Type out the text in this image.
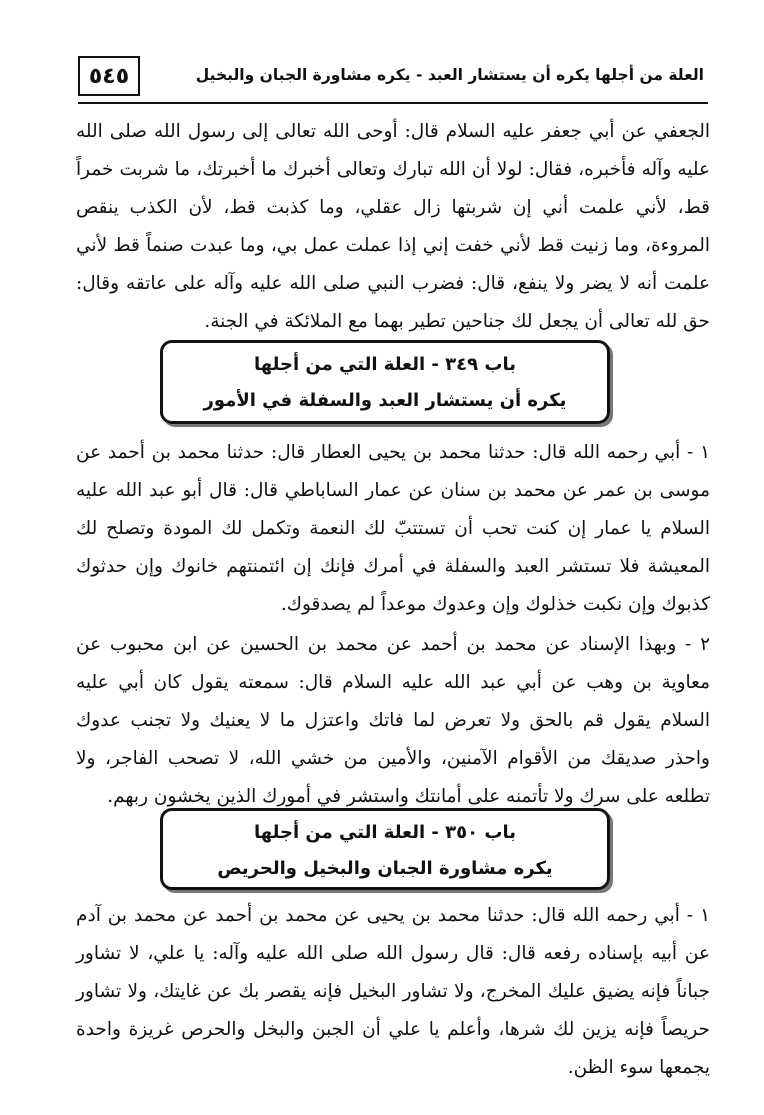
٥٤٥	العلة من أجلها يكره أن يستشار العبد - يكره مشاورة الجبان والبخيل

الجعفي عن أبي جعفر عليه السلام قال: أوحى الله تعالى إلى رسول الله صلى الله عليه وآله فأخبره، فقال: لولا أن الله تبارك وتعالى أخبرك ما أخبرتك، ما شربت خمراً قط، لأني علمت أني إن شربتها زال عقلي، وما كذبت قط، لأن الكذب ينقص المروءة، وما زنيت قط لأني خفت إني إذا عملت عمل بي، وما عبدت صنماً قط لأني علمت أنه لا يضر ولا ينفع، قال: فضرب النبي صلى الله عليه وآله على عاتقه وقال: حق لله تعالى أن يجعل لك جناحين تطير بهما مع الملائكة في الجنة.

باب ٣٤٩ - العلة التي من أجلها
يكره أن يستشار العبد والسفلة في الأمور

١ - أبي رحمه الله قال: حدثنا محمد بن يحيى العطار قال: حدثنا محمد بن أحمد عن موسى بن عمر عن محمد بن سنان عن عمار الساباطي قال: قال أبو عبد الله عليه السلام يا عمار إن كنت تحب أن تستتبّ لك النعمة وتكمل لك المودة وتصلح لك المعيشة فلا تستشر العبد والسفلة في أمرك فإنك إن ائتمنتهم خانوك وإن حدثوك كذبوك وإن نكبت خذلوك وإن وعدوك موعداً لم يصدقوك.

٢ - وبهذا الإسناد عن محمد بن أحمد عن محمد بن الحسين عن ابن محبوب عن معاوية بن وهب عن أبي عبد الله عليه السلام قال: سمعته يقول كان أبي عليه السلام يقول قم بالحق ولا تعرض لما فاتك واعتزل ما لا يعنيك ولا تجنب عدوك واحذر صديقك من الأقوام الآمنين، والأمين من خشي الله، لا تصحب الفاجر، ولا تطلعه على سرك ولا تأتمنه على أمانتك واستشر في أمورك الذين يخشون ربهم.

باب ٣٥٠ - العلة التي من أجلها
يكره مشاورة الجبان والبخيل والحريص

١ - أبي رحمه الله قال: حدثنا محمد بن يحيى عن محمد بن أحمد عن محمد بن آدم عن أبيه بإسناده رفعه قال: قال رسول الله صلى الله عليه وآله: يا علي، لا تشاور جباناً فإنه يضيق عليك المخرج، ولا تشاور البخيل فإنه يقصر بك عن غايتك، ولا تشاور حريصاً فإنه يزين لك شرها، وأعلم يا علي أن الجبن والبخل والحرص غريزة واحدة يجمعها سوء الظن.
